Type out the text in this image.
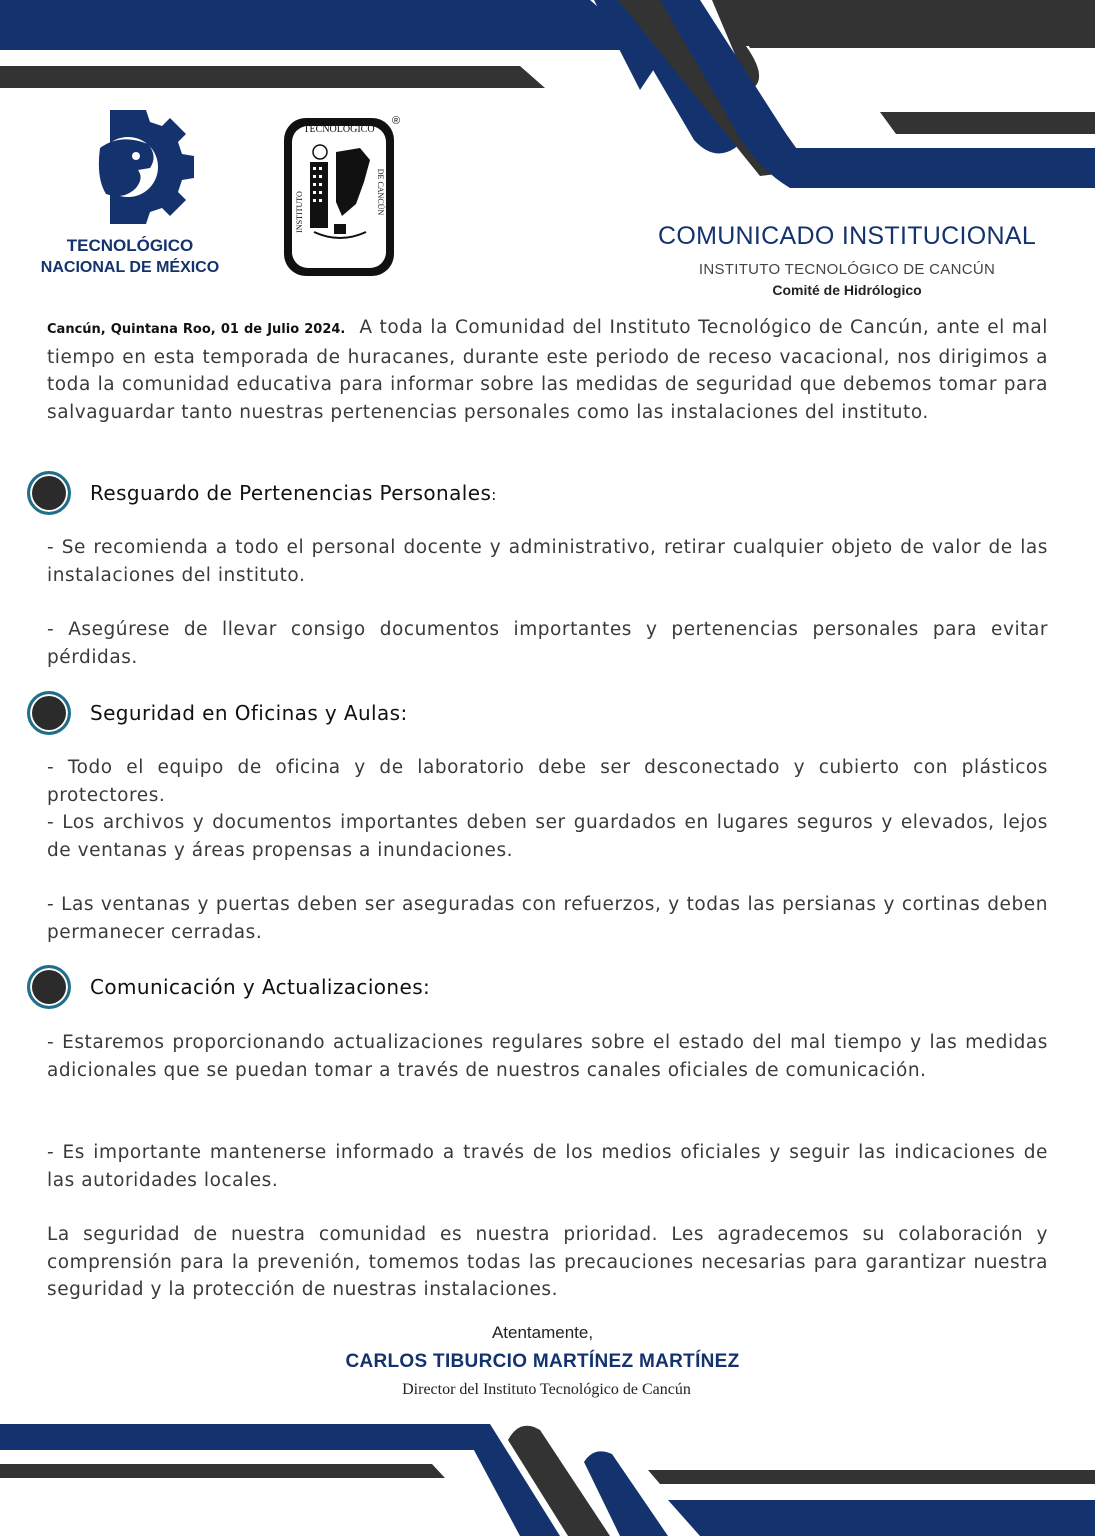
TECNOLÓGICO
NACIONAL DE MÉXICO
TECNOLÓGICO
®
INSTITUTO	DE CANCÚN
COMUNICADO INSTITUCIONAL
INSTITUTO TECNOLÓGICO DE CANCÚN
Comité de Hidrólogico

Cancún, Quintana Roo, 01 de Julio 2024. A toda la Comunidad del Instituto Tecnológico de Cancún, ante el mal tiempo en esta temporada de huracanes, durante este periodo de receso vacacional, nos dirigimos a toda la comunidad educativa para informar sobre las medidas de seguridad que debemos tomar para salvaguardar tanto nuestras pertenencias personales como las instalaciones del instituto.

Resguardo de Pertenencias Personales:

- Se recomienda a todo el personal docente y administrativo, retirar cualquier objeto de valor de las instalaciones del instituto.

- Asegúrese de llevar consigo documentos importantes y pertenencias personales para evitar pérdidas.

Seguridad en Oficinas y Aulas:

- Todo el equipo de oficina y de laboratorio debe ser desconectado y cubierto con plásticos protectores.

- Los archivos y documentos importantes deben ser guardados en lugares seguros y elevados, lejos de ventanas y áreas propensas a inundaciones.

- Las ventanas y puertas deben ser aseguradas con refuerzos, y todas las persianas y cortinas deben permanecer cerradas.

Comunicación y Actualizaciones:

- Estaremos proporcionando actualizaciones regulares sobre el estado del mal tiempo y las medidas adicionales que se puedan tomar a través de nuestros canales oficiales de comunicación.

- Es importante mantenerse informado a través de los medios oficiales y seguir las indicaciones de las autoridades locales.

La seguridad de nuestra comunidad es nuestra prioridad. Les agradecemos su colaboración y comprensión para la prevenión, tomemos todas las precauciones necesarias para garantizar nuestra seguridad y la protección de nuestras instalaciones.

Atentamente,
CARLOS TIBURCIO MARTÍNEZ MARTÍNEZ
Director del Instituto Tecnológico de Cancún
